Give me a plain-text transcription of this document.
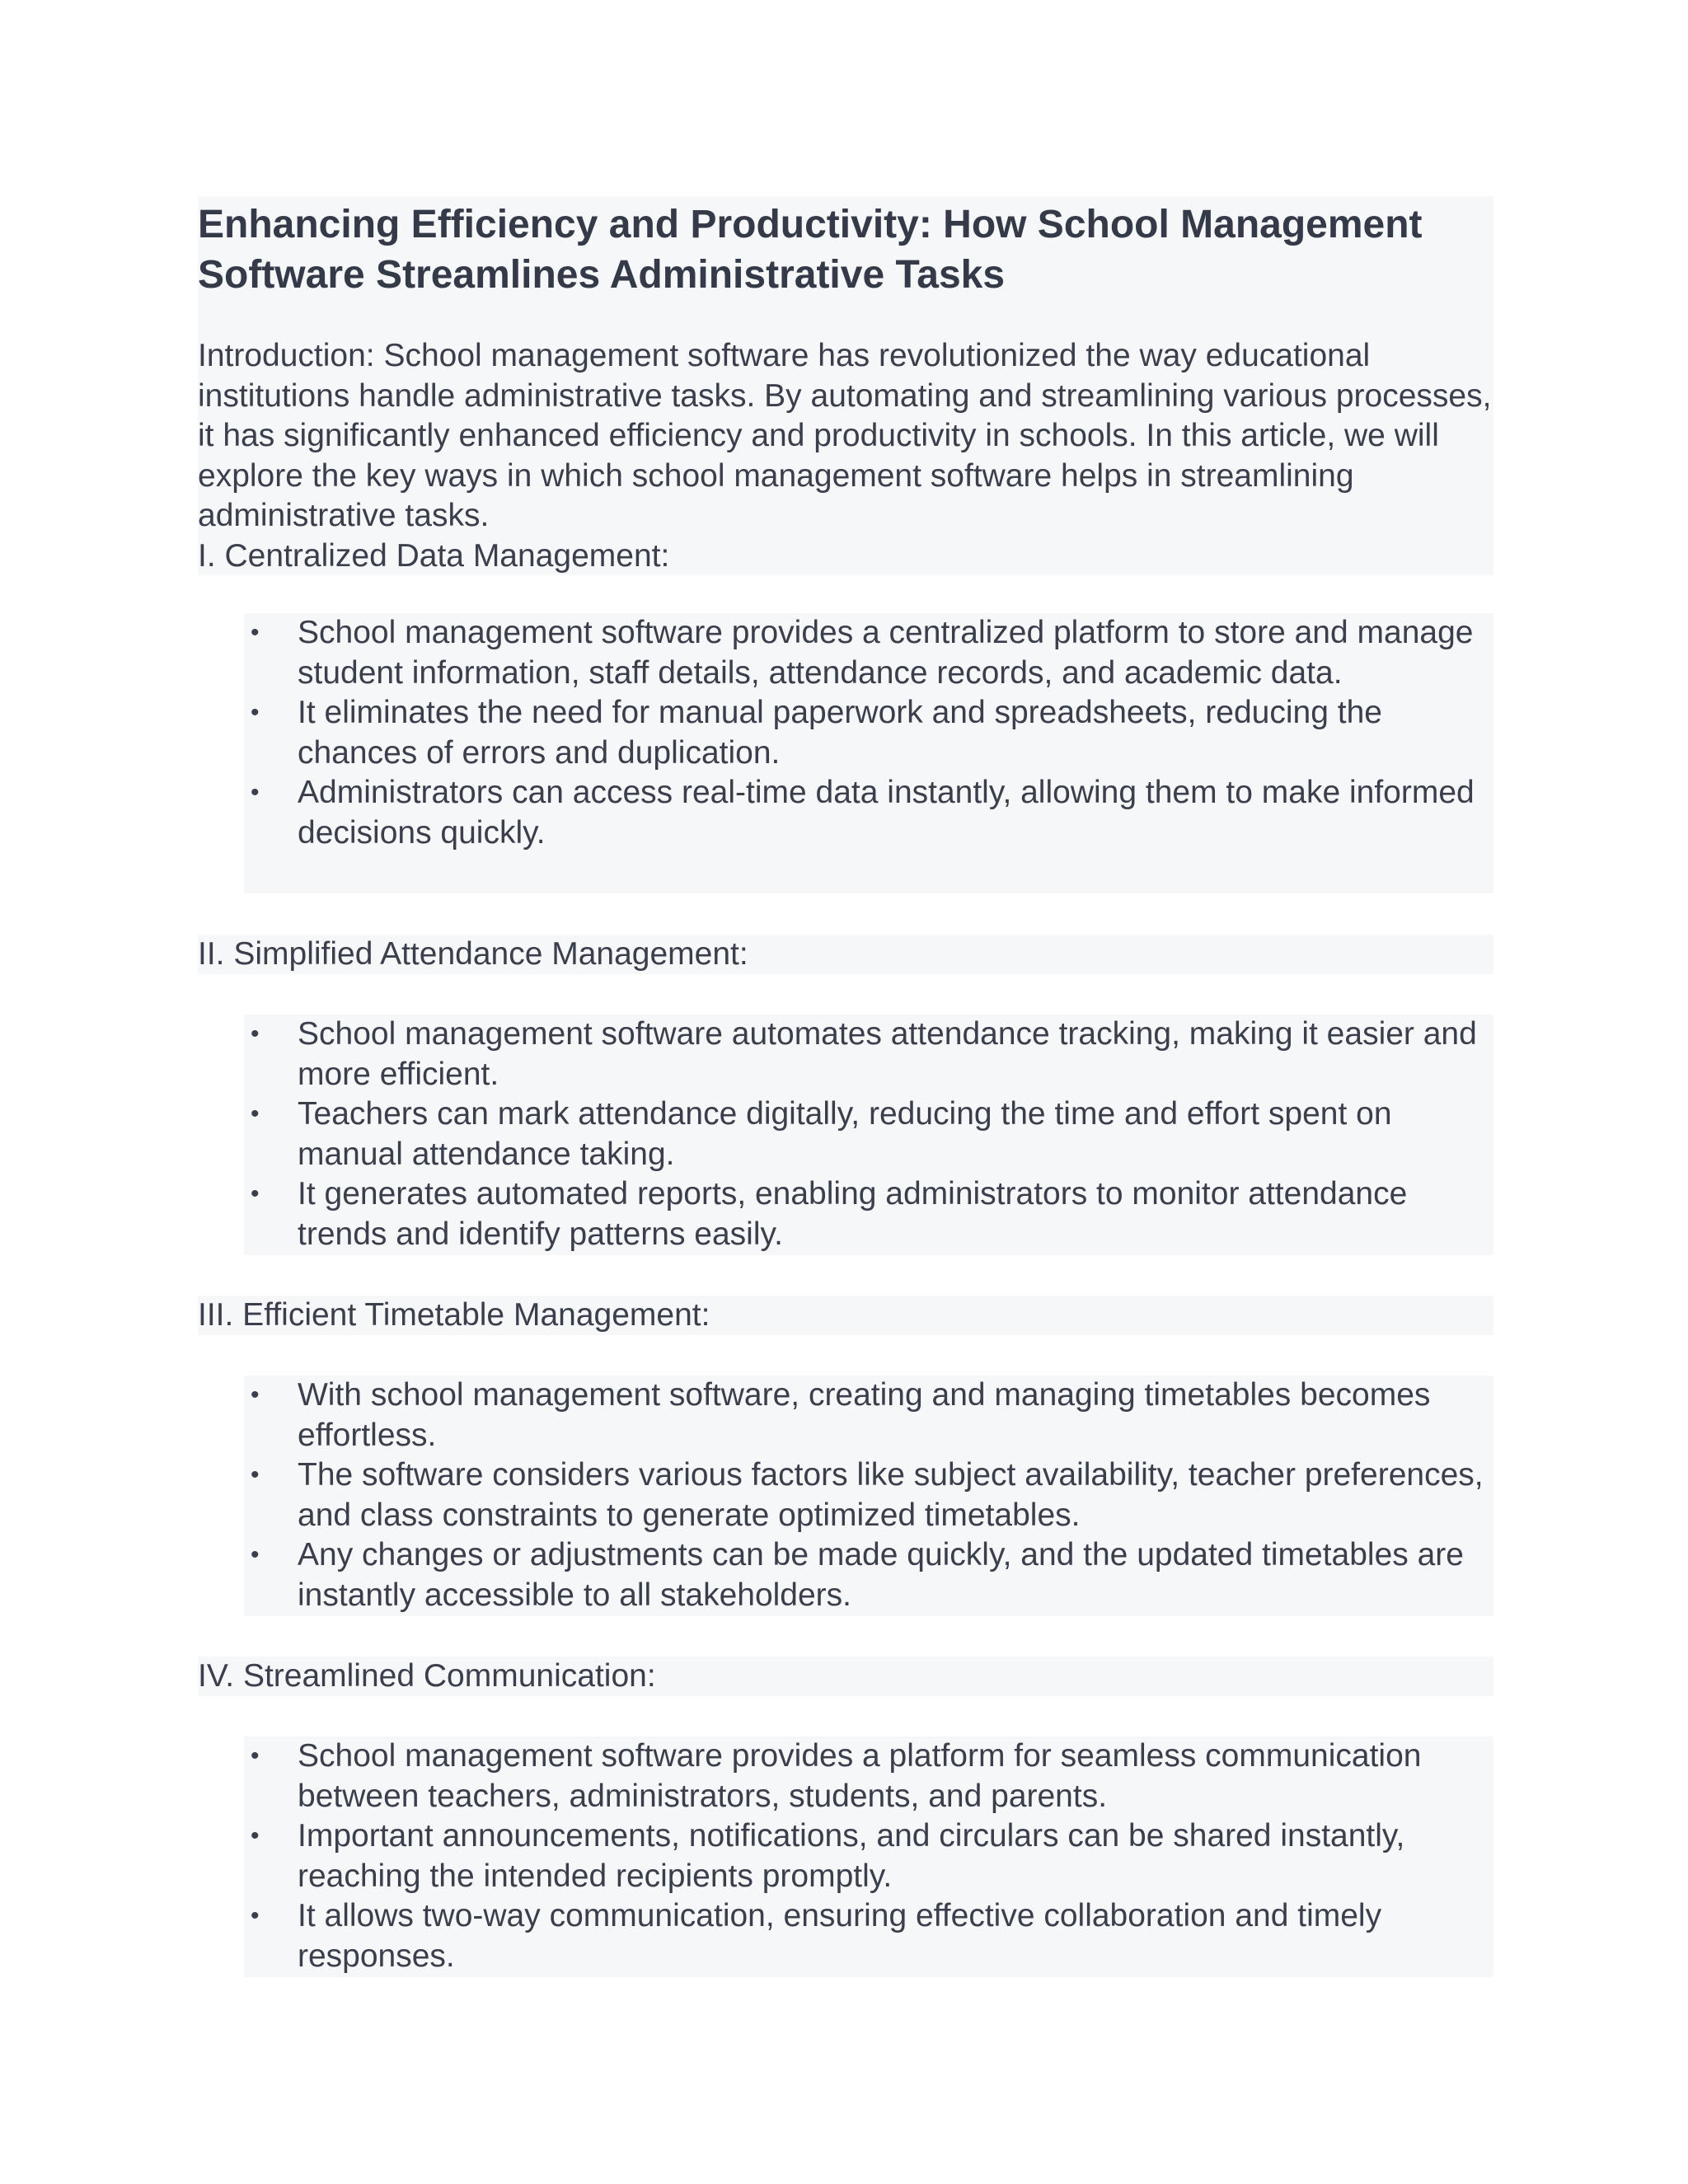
Enhancing Efficiency and Productivity: How School Management Software Streamlines Administrative Tasks

Introduction: School management software has revolutionized the way educational institutions handle administrative tasks. By automating and streamlining various processes, it has significantly enhanced efficiency and productivity in schools. In this article, we will explore the key ways in which school management software helps in streamlining administrative tasks.

I. Centralized Data Management:

• School management software provides a centralized platform to store and manage student information, staff details, attendance records, and academic data.
• It eliminates the need for manual paperwork and spreadsheets, reducing the chances of errors and duplication.
• Administrators can access real-time data instantly, allowing them to make informed decisions quickly.

II. Simplified Attendance Management:

• School management software automates attendance tracking, making it easier and more efficient.
• Teachers can mark attendance digitally, reducing the time and effort spent on manual attendance taking.
• It generates automated reports, enabling administrators to monitor attendance trends and identify patterns easily.

III. Efficient Timetable Management:

• With school management software, creating and managing timetables becomes effortless.
• The software considers various factors like subject availability, teacher preferences, and class constraints to generate optimized timetables.
• Any changes or adjustments can be made quickly, and the updated timetables are instantly accessible to all stakeholders.

IV. Streamlined Communication:

• School management software provides a platform for seamless communication between teachers, administrators, students, and parents.
• Important announcements, notifications, and circulars can be shared instantly, reaching the intended recipients promptly.
• It allows two-way communication, ensuring effective collaboration and timely responses.
